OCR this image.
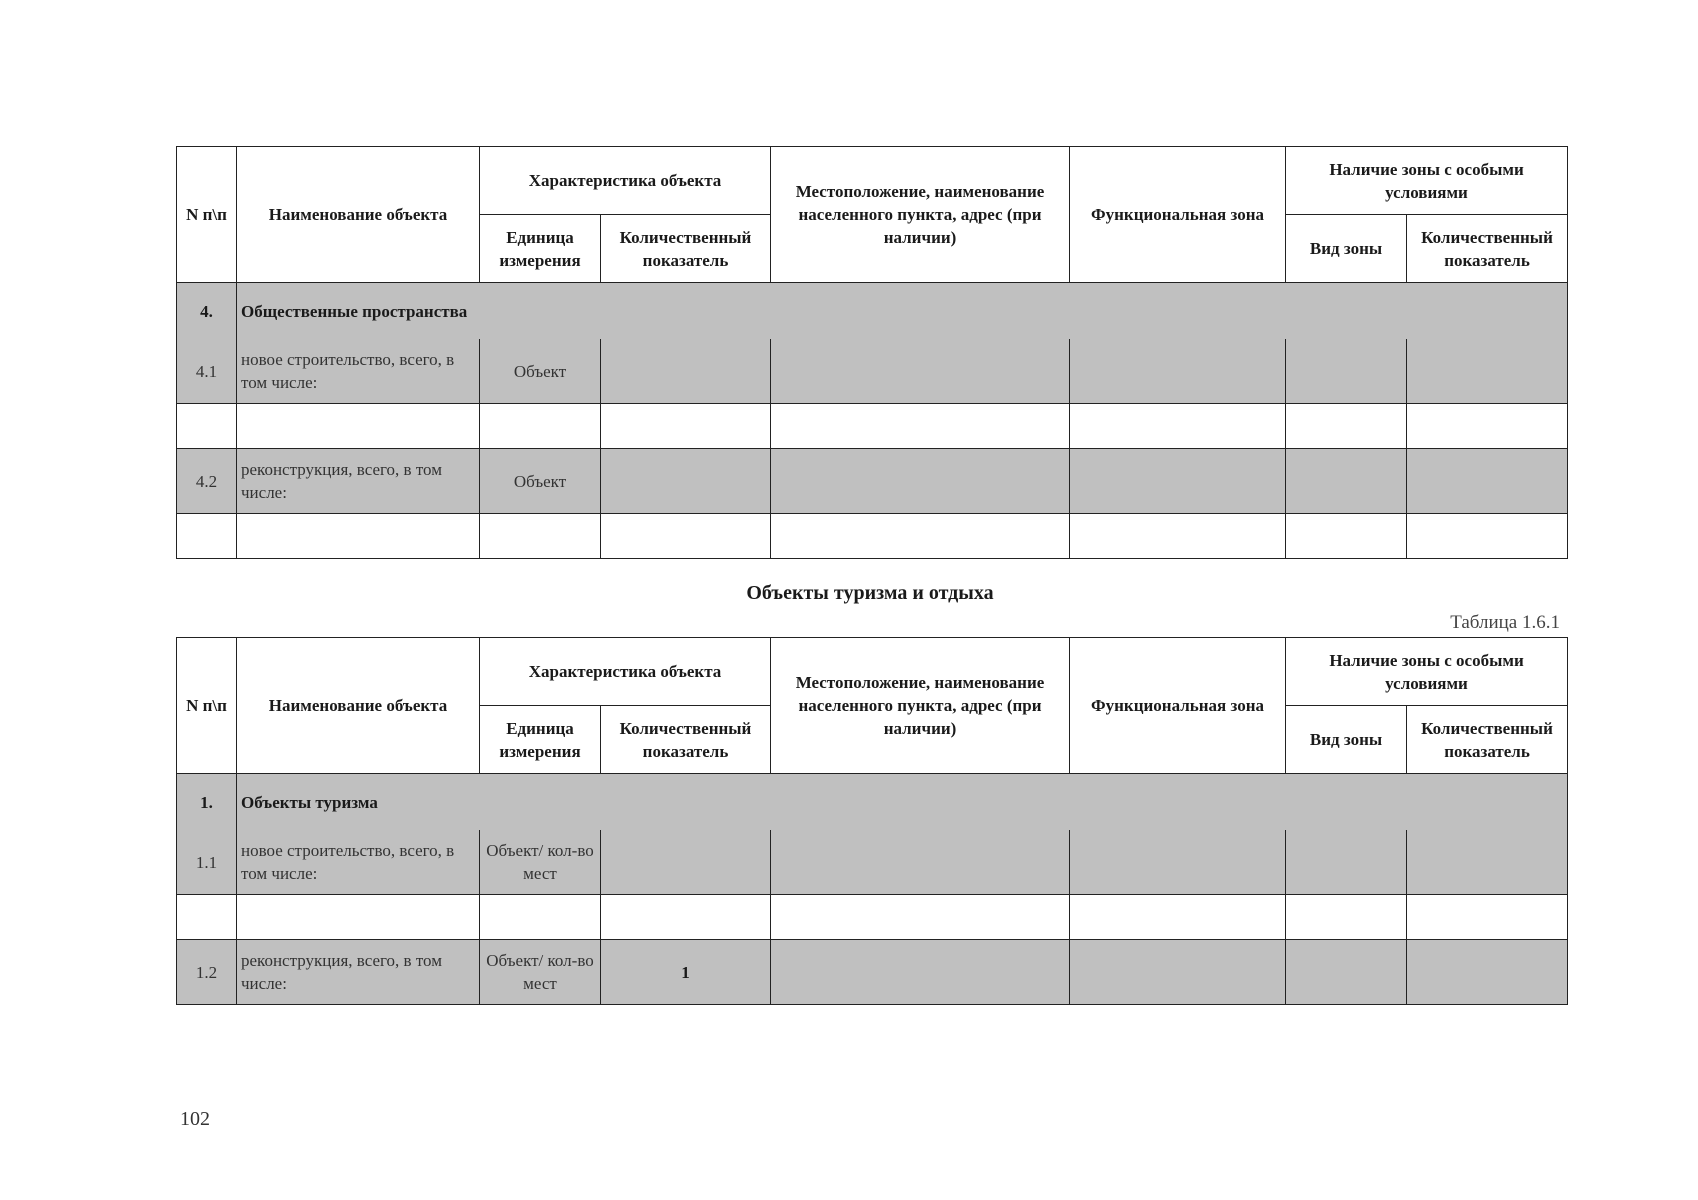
N п\п	Наименование объекта	Характеристика объекта		Местоположение, наименование населенного пункта, адрес (при наличии)	Функциональная зона	Наличие зоны с особыми условиями	
		Единица измерения	Количественный показатель			Вид зоны	Количественный показатель
4.	Общественные пространства						
4.1	новое строительство, всего, в том числе:	Объект					

4.2	реконструкция, всего, в том числе:	Объект					

Объекты туризма и отдыха
Таблица 1.6.1
N п\п	Наименование объекта	Характеристика объекта		Местоположение, наименование населенного пункта, адрес (при наличии)	Функциональная зона	Наличие зоны с особыми условиями	
		Единица измерения	Количественный показатель			Вид зоны	Количественный показатель
1.	Объекты туризма						
1.1	новое строительство, всего, в том числе:	Объект/ кол-во мест					

1.2	реконструкция, всего, в том числе:	Объект/ кол-во мест	1				
102
